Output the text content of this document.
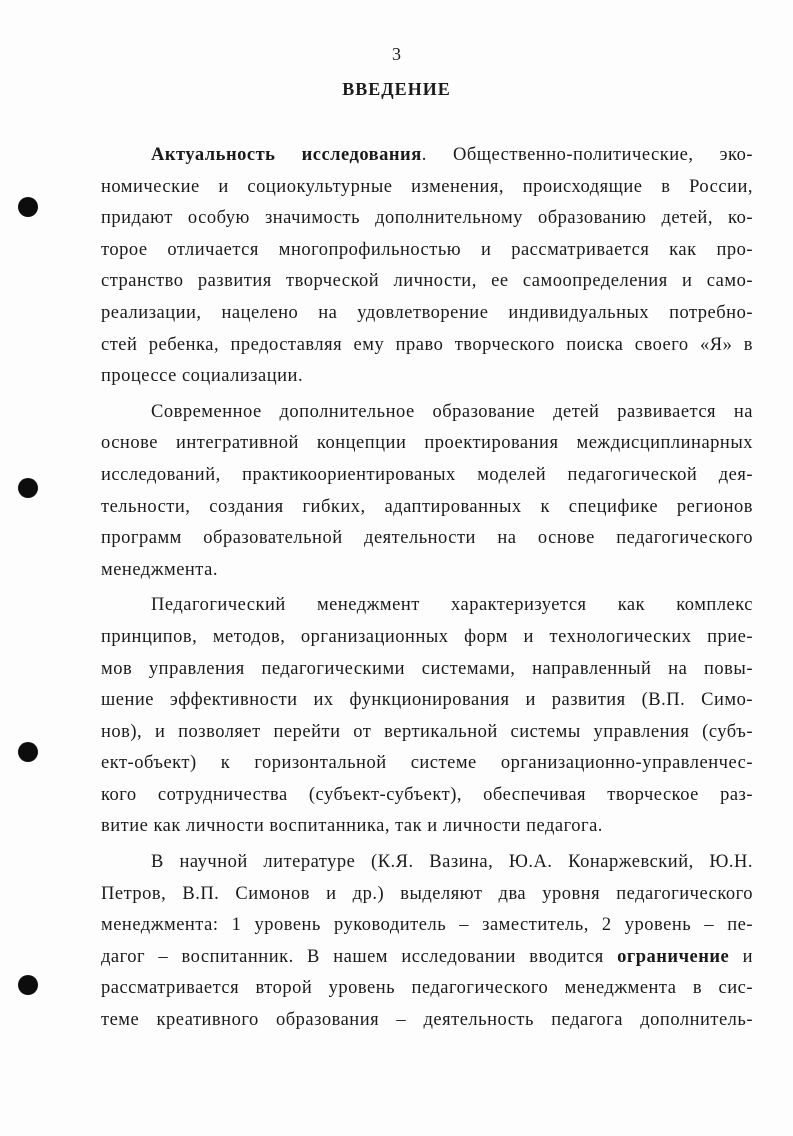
3
ВВЕДЕНИЕ
Актуальность исследования. Общественно-политические, эко-
номические и социокультурные изменения, происходящие в России,
придают особую значимость дополнительному образованию детей, ко-
торое отличается многопрофильностью и рассматривается как про-
странство развития творческой личности, ее самоопределения и само-
реализации, нацелено на удовлетворение индивидуальных потребно-
стей ребенка, предоставляя ему право творческого поиска своего «Я» в
процессе социализации.
Современное дополнительное образование детей развивается на
основе интегративной концепции проектирования междисциплинарных
исследований, практикоориентированых моделей педагогической дея-
тельности, создания гибких, адаптированных к специфике регионов
программ образовательной деятельности на основе педагогического
менеджмента.
Педагогический менеджмент характеризуется как комплекс
принципов, методов, организационных форм и технологических прие-
мов управления педагогическими системами, направленный на повы-
шение эффективности их функционирования и развития (В.П. Симо-
нов), и позволяет перейти от вертикальной системы управления (субъ-
ект-объект) к горизонтальной системе организационно-управленчес-
кого сотрудничества (субъект-субъект), обеспечивая творческое раз-
витие как личности воспитанника, так и личности педагога.
В научной литературе (К.Я. Вазина, Ю.А. Конаржевский, Ю.Н.
Петров, В.П. Симонов и др.) выделяют два уровня педагогического
менеджмента: 1 уровень руководитель – заместитель, 2 уровень – пе-
дагог – воспитанник. В нашем исследовании вводится ограничение и
рассматривается второй уровень педагогического менеджмента в сис-
теме креативного образования – деятельность педагога дополнитель-
